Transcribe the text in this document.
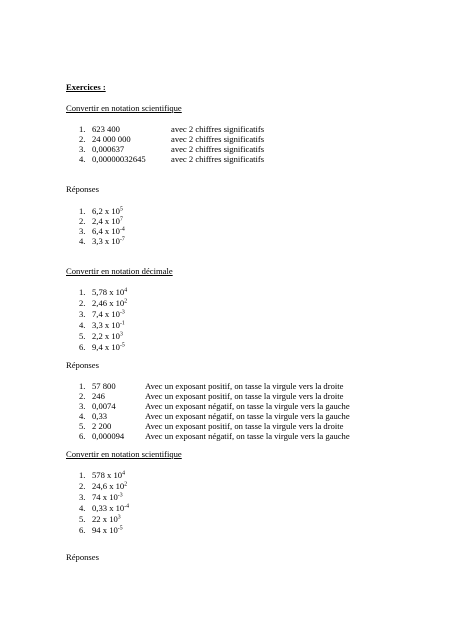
Exercices :
Convertir en notation scientifique
1. 623 400	avec 2 chiffres significatifs
2. 24 000 000	avec 2 chiffres significatifs
3. 0,000637	avec 2 chiffres significatifs
4. 0,00000032645	avec 2 chiffres significatifs
Réponses
1. 6,2 x $10^5$
2. 2,4 x $10^7$
3. 6,4 x $10^{-4}$
4. 3,3 x $10^{-7}$
Convertir en notation décimale
1. 5,78 x $10^4$
2. 2,46 x $10^2$
3. 7,4 x $10^{-3}$
4. 3,3 x $10^{-1}$
5. 2,2 x $10^3$
6. 9,4 x $10^{-5}$
Réponses
1. 57 800	Avec un exposant positif, on tasse la virgule vers la droite
2. 246	Avec un exposant positif, on tasse la virgule vers la droite
3. 0,0074	Avec un exposant négatif, on tasse la virgule vers la gauche
4. 0,33	Avec un exposant négatif, on tasse la virgule vers la gauche
5. 2 200	Avec un exposant positif, on tasse la virgule vers la droite
6. 0,000094 Avec un exposant négatif, on tasse la virgule vers la gauche
Convertir en notation scientifique
1. 578 x $10^4$
2. 24,6 x $10^2$
3. 74 x $10^{-3}$
4. 0,33 x $10^{-4}$
5. 22 x $10^3$
6. 94 x $10^{-5}$
Réponses
